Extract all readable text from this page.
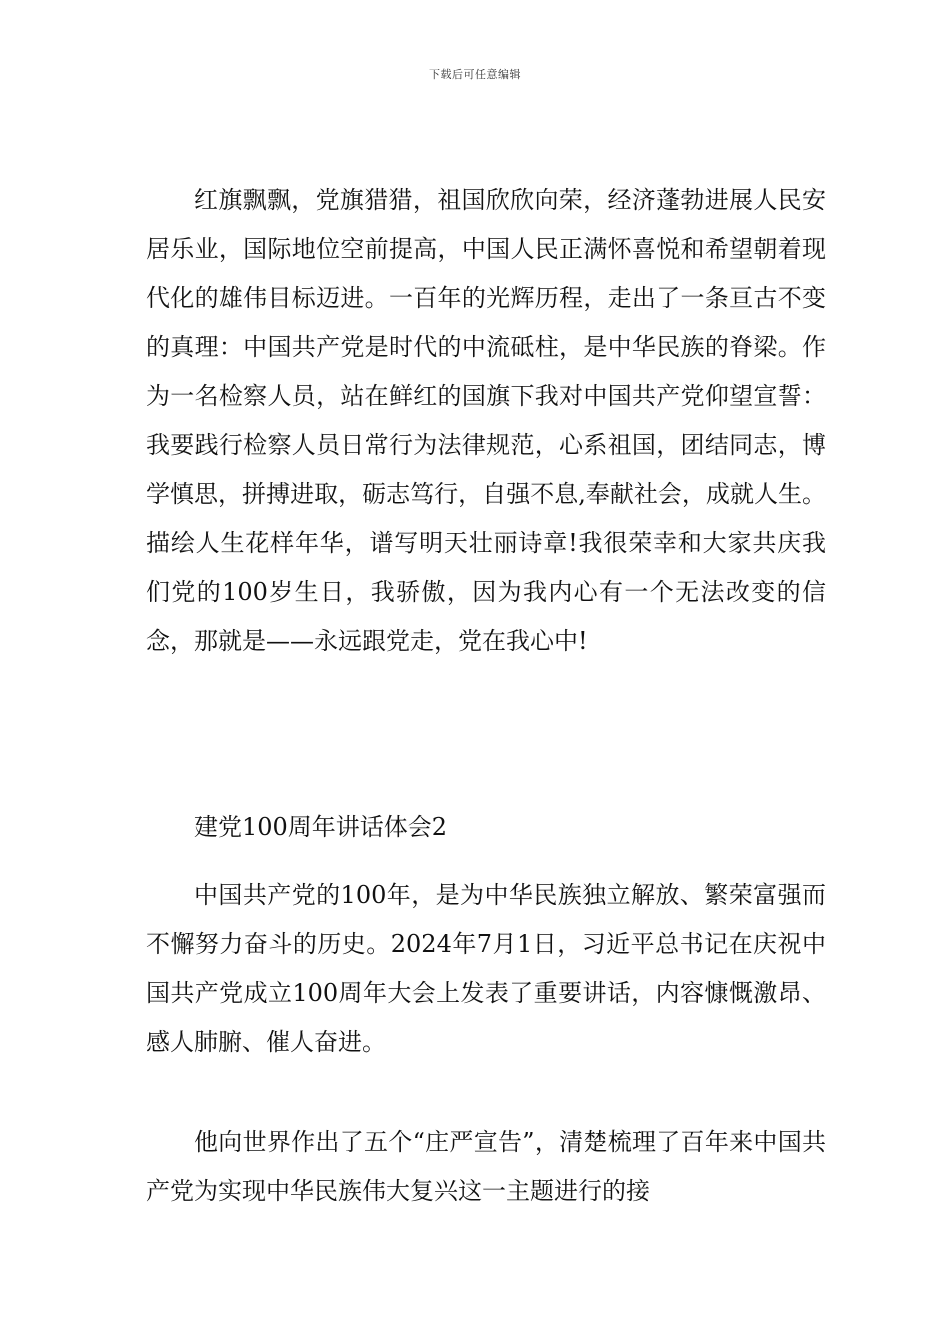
下载后可任意编辑

红旗飘飘，党旗猎猎，祖国欣欣向荣，经济蓬勃进展人民安居乐业，国际地位空前提高，中国人民正满怀喜悦和希望朝着现代化的雄伟目标迈进。一百年的光辉历程，走出了一条亘古不变的真理：中国共产党是时代的中流砥柱，是中华民族的脊梁。作为一名检察人员，站在鲜红的国旗下我对中国共产党仰望宣誓：我要践行检察人员日常行为法律规范，心系祖国，团结同志，博学慎思，拼搏进取，砺志笃行，自强不息,奉献社会，成就人生。描绘人生花样年华，谱写明天壮丽诗章!我很荣幸和大家共庆我们党的100岁生日，我骄傲，因为我内心有一个无法改变的信念，那就是——永远跟党走，党在我心中!

建党100周年讲话体会2

中国共产党的100年，是为中华民族独立解放、繁荣富强而不懈努力奋斗的历史。2024年7月1日，习近平总书记在庆祝中国共产党成立100周年大会上发表了重要讲话，内容慷慨激昂、感人肺腑、催人奋进。

他向世界作出了五个“庄严宣告”，清楚梳理了百年来中国共产党为实现中华民族伟大复兴这一主题进行的接
